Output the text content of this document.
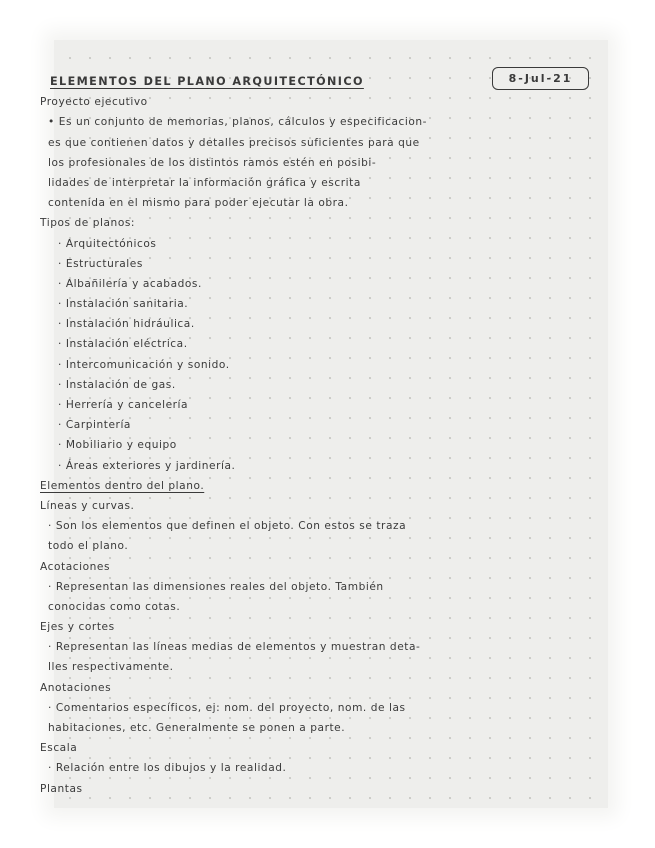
8-Jul-21
ELEMENTOS DEL PLANO ARQUITECTÓNICO
Proyecto ejecutivo
• Es un conjunto de memorias, planos, cálculos y especificacion-
es que contienen datos y detalles precisos suficientes para que
los profesionales de los distintos ramos estén en posibi-
lidades de interpretar la información gráfica y escrita
contenida en el mismo para poder ejecutar la obra.
Tipos de planos:
· Arquitectónicos
· Estructurales
· Albañilería y acabados.
· Instalación sanitaria.
· Instalación hidráulica.
· Instalación eléctrica.
· Intercomunicación y sonido.
· Instalación de gas.
· Herrería y cancelería
· Carpintería
· Mobiliario y equipo
· Áreas exteriores y jardinería.
Elementos dentro del plano.
Líneas y curvas.
· Son los elementos que definen el objeto. Con estos se traza
todo el plano.
Acotaciones
· Representan las dimensiones reales del objeto. También
conocidas como cotas.
Ejes y cortes
· Representan las líneas medias de elementos y muestran deta-
lles respectivamente.
Anotaciones
· Comentarios específicos, ej: nom. del proyecto, nom. de las
habitaciones, etc. Generalmente se ponen a parte.
Escala
· Relación entre los dibujos y la realidad.
Plantas
